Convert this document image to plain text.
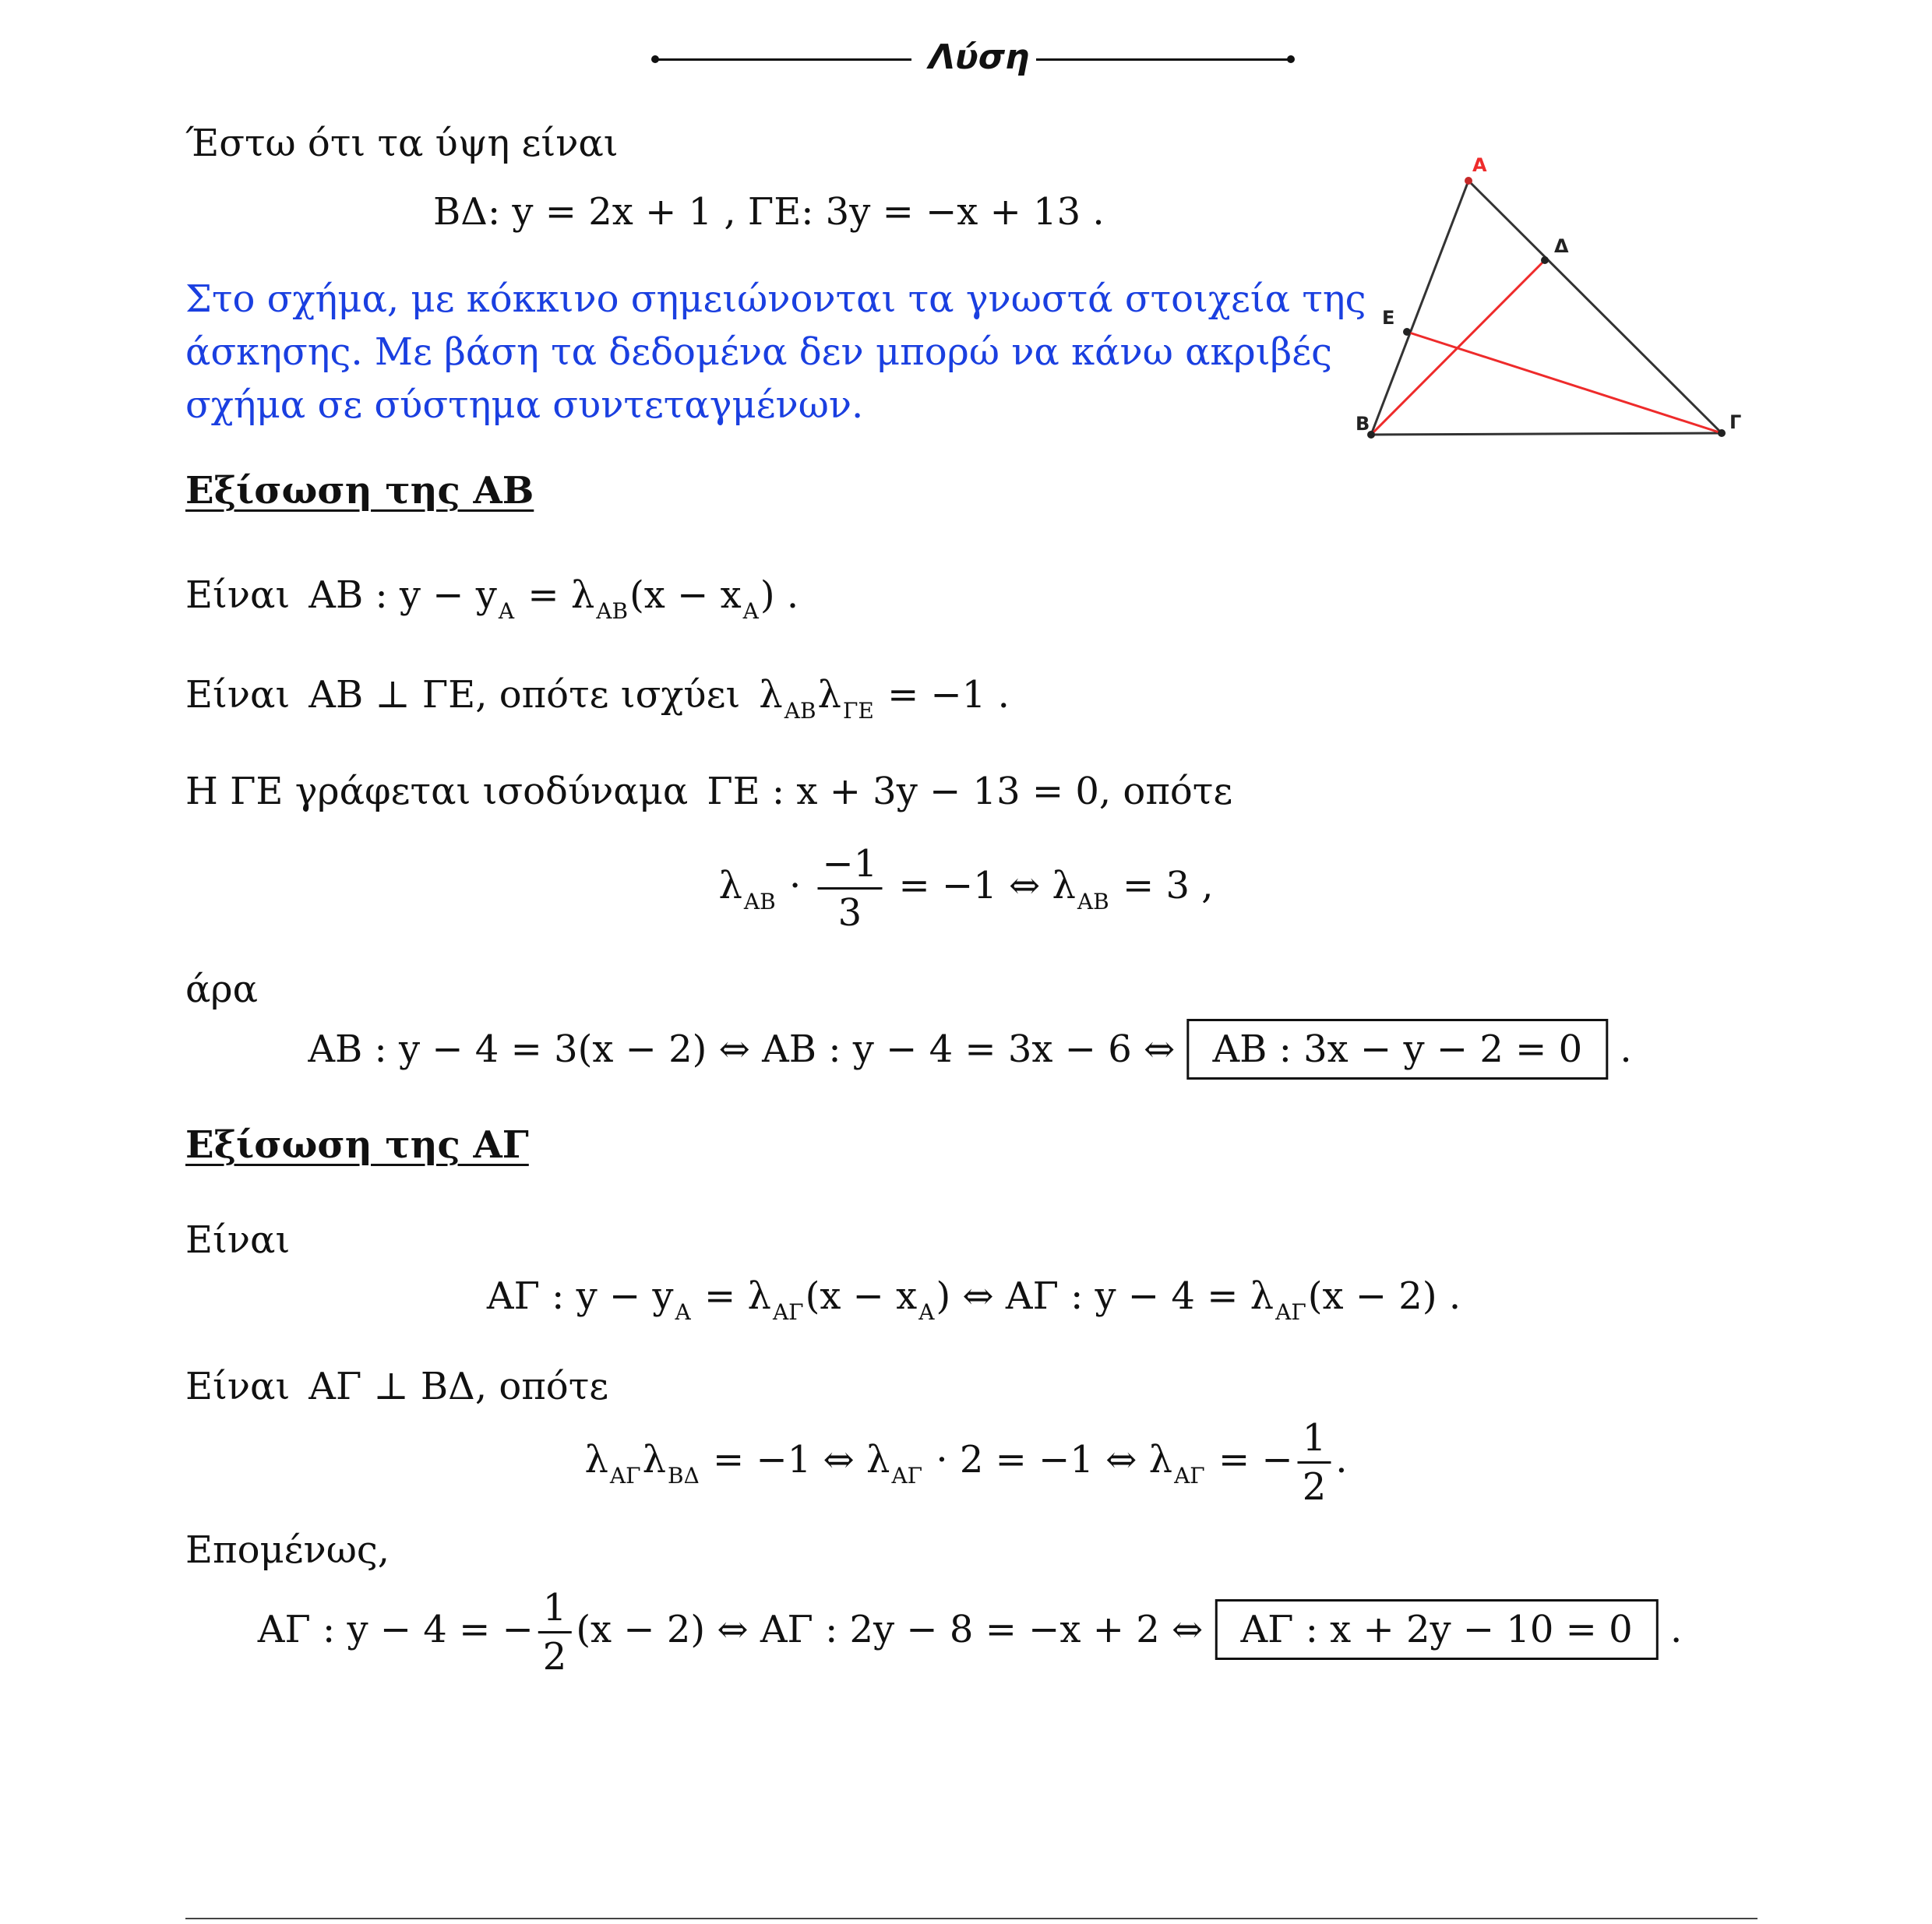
Λύση
Έστω ότι τα ύψη είναι
ΒΔ: y = 2x + 1 , ΓΕ: 3y = −x + 13 .
Στο σχήμα, με κόκκινο σημειώνονται τα γνωστά στοιχεία της
άσκησης. Με βάση τα δεδομένα δεν μπορώ να κάνω ακριβές
σχήμα σε σύστημα συντεταγμένων.
Α
Δ
Ε
Β	Γ
Εξίσωση της ΑΒ
Είναι ΑΒ : $y - y_A = \lambda_{AB}(x - x_A)$ .
Είναι ΑΒ ⊥ ΓΕ, οπότε ισχύει $\lambda_{AB}\lambda_{\Gamma E} = -1$ .
Η ΓΕ γράφεται ισοδύναμα ΓΕ : x + 3y − 13 = 0, οπότε
$\lambda_{AB} \cdot \frac{-1}{3} = -1$ ⇔ $\lambda_{AB} = 3$ ,
άρα
ΑΒ : y − 4 = 3(x − 2) ⇔ ΑΒ : y − 4 = 3x − 6 ⇔ ΑΒ : 3x − y − 2 = 0 .
Εξίσωση της ΑΓ
Είναι
ΑΓ : $y - y_A = \lambda_{A\Gamma}(x - x_A)$ ⇔ ΑΓ : $y - 4 = \lambda_{A\Gamma}(x - 2)$ .
Είναι ΑΓ ⊥ ΒΔ, οπότε
$\lambda_{A\Gamma}\lambda_{B\Delta} = -1$ ⇔ $\lambda_{A\Gamma} \cdot 2 = -1$ ⇔ $\lambda_{A\Gamma}$ = − $\frac{1}{2}$ .
Επομένως,
ΑΓ : y − 4 = − $\frac{1}{2} (x - 2)$ ⇔ ΑΓ : 2y − 8 = −x + 2 ⇔ ΑΓ : x + 2y − 10 = 0 .
